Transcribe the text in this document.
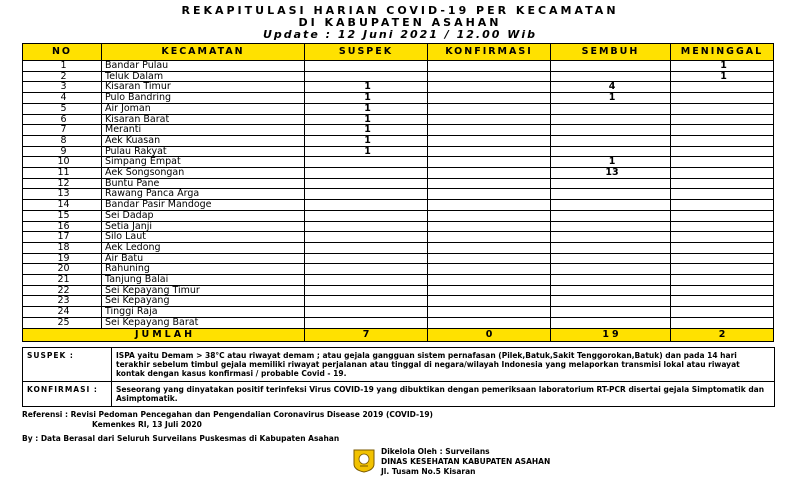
REKAPITULASI HARIAN COVID-19 PER KECAMATAN
DI KABUPATEN ASAHAN
Update : 12 Juni 2021 / 12.00 Wib
NO	KECAMATAN	SUSPEK	KONFIRMASI	SEMBUH	MENINGGAL
1	Bandar Pulau				1
2	Teluk Dalam				1
3	Kisaran Timur	1		4	
4	Pulo Bandring	1		1	
5	Air Joman	1			
6	Kisaran Barat	1			
7	Meranti	1			
8	Aek Kuasan	1			
9	Pulau Rakyat	1			
10	Simpang Empat			1	
11	Aek Songsongan			13	
12	Buntu Pane				
13	Rawang Panca Arga				
14	Bandar Pasir Mandoge				
15	Sei Dadap				
16	Setia Janji				
17	Silo Laut				
18	Aek Ledong				
19	Air Batu				
20	Rahuning				
21	Tanjung Balai				
22	Sei Kepayang Timur				
23	Sei Kepayang				
24	Tinggi Raja				
25	Sei Kepayang Barat				
JUMLAH		7	0	19	2
SUSPEK :	ISPA yaitu Demam > 38°C atau riwayat demam ; atau gejala gangguan sistem pernafasan (Pilek,Batuk,Sakit Tenggorokan,Batuk) dan pada 14 hari terakhir sebelum timbul gejala memiliki riwayat perjalanan atau tinggal di negara/wilayah Indonesia yang melaporkan transmisi lokal atau riwayat kontak dengan kasus konfirmasi / probable Covid - 19.
KONFIRMASI :	Seseorang yang dinyatakan positif terinfeksi Virus COVID-19 yang dibuktikan dengan pemeriksaan laboratorium RT-PCR disertai gejala Simptomatik dan Asimptomatik.
Referensi : Revisi Pedoman Pencegahan dan Pengendalian Coronavirus Disease 2019 (COVID-19)
Kemenkes RI, 13 Juli 2020
By : Data Berasal dari Seluruh Surveilans Puskesmas di Kabupaten Asahan
Dikelola Oleh : Surveilans
DINAS KESEHATAN KABUPATEN ASAHAN
Jl. Tusam No.5 Kisaran
